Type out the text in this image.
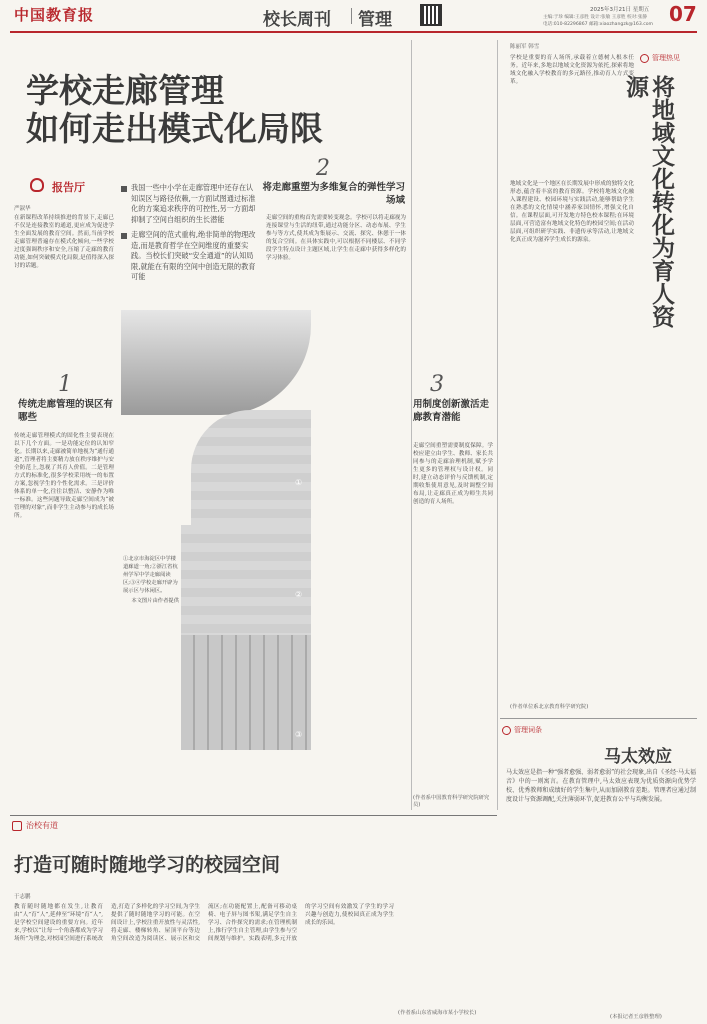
中国教育报	校长周刊 管理	2025年3月21日 星期五
主编:于珍 编辑:王彦胜 设计:张敏 王彦胜 校对:张静
电话:010-82296867 邮箱:xiaozhangzk@163.com 07
学校走廊管理
如何走出模式化局限
报告厅
严淑华
我国一些中小学在走廊管理中还存在认知误区与路径依赖,一方面试图通过标准化的方案追求秩序的可控性,另一方面却抑制了空间自组织的生长潜能
走廊空间的范式重构,绝非简单的物理改造,而是教育哲学在空间维度的重要实践。当校长们突破“安全通道”的认知局限,就能在有限的空间中创造无限的教育可能
在新课程改革持续推进的背景下,走廊已不仅是连接教室的通道,更应成为促进学生全面发展的教育空间。然而,当前学校走廊管理普遍存在模式化倾向,一些学校过度强调秩序和安全,压缩了走廊的教育功能,如何突破模式化局限,是值得深入探讨的话题。
1
传统走廊管理的误区有哪些
传统走廊管理模式的固化性主要表现在以下几个方面。一是功能定位的认知窄化。长期以来,走廊被简单地视为“通行通道”,管理者将主要精力放在秩序维护与安全防范上,忽视了其育人价值。二是管理方式的标准化,很多学校采用统一的布置方案,忽视学生的个性化需求。三是评价体系的单一化,往往以整洁、安静作为唯一标准。这些问题导致走廊空间成为“被管理的对象”,而非学生主动参与的成长场所。
①北京市海淀区中学楼道廊道一角;②浙江省杭州学军中学走廊阅读区;③④学校走廊开辟为展示区与休闲区。
本文图片由作者提供
①
②
③
2
将走廊重塑为多维复合的弹性学习场域
走廊空间的重构首先需要转变观念。学校可以将走廊视为连接课堂与生活的纽带,通过功能分区、动态布展、学生参与等方式,使其成为集展示、交流、探究、休憩于一体的复合空间。在具体实践中,可以根据不同楼层、不同学段学生特点设计主题区域,让学生在走廊中获得多样化的学习体验。
3
用制度创新激活走廊教育潜能
走廊空间重塑需要制度保障。学校应建立由学生、教师、家长共同参与的走廊治理机制,赋予学生更多的管理权与设计权。同时,建立动态评价与反馈机制,定期收集使用意见,及时调整空间布局,让走廊真正成为师生共同创造的育人场所。
(作者系中国教育科学研究院研究员)
陈丽军 韩雪
学校是重要的育人场所,承载着立德树人根本任务。近年来,多地以地域文化资源为依托,探索将地域文化融入学校教育的多元路径,推动育人方式变革。
管理热见
将地域文化转化为育人资源
地域文化是一个地区在长期发展中形成的独特文化形态,蕴含着丰富的教育资源。学校将地域文化融入课程建设、校园环境与实践活动,能够帮助学生在熟悉的文化情境中涵养家国情怀,增强文化自信。在课程层面,可开发地方特色校本课程;在环境层面,可营造富有地域文化特色的校园空间;在活动层面,可组织研学实践、非遗传承等活动,让地域文化真正成为滋养学生成长的源泉。
(作者单位系北京教育科学研究院)
管理词条
马太效应
马太效应是指一种“强者愈强、弱者愈弱”的社会现象,出自《圣经·马太福音》中的一则寓言。在教育管理中,马太效应表现为优质资源向优势学校、优秀教师和成绩好的学生集中,从而加剧教育差距。管理者应通过制度设计与资源调配,关注薄弱环节,促进教育公平与均衡发展。
(本报记者王彦胜整理)
治校有道
打造可随时随地学习的校园空间
于志鹏
教育随时随地都在发生,让教育由“人”育“人”,延伸至“环境”育“人”,是学校空间建设的重要方向。近年来,学校以“让每一个角落都成为学习场所”为理念,对校园空间进行系统改造,打造了多样化的学习空间,为学生提供了随时随地学习的可能。在空间设计上,学校注重开放性与灵活性,将走廊、楼梯转角、屋顶平台等边角空间改造为阅读区、展示区和交流区;在功能配置上,配备可移动桌椅、电子屏与图书架,满足学生自主学习、合作探究的需求;在管理机制上,推行学生自主管理,由学生参与空间规划与维护。实践表明,多元开放的学习空间有效激发了学生的学习兴趣与创造力,使校园真正成为学生成长的乐园。
(作者系山东省威海市某小学校长)
